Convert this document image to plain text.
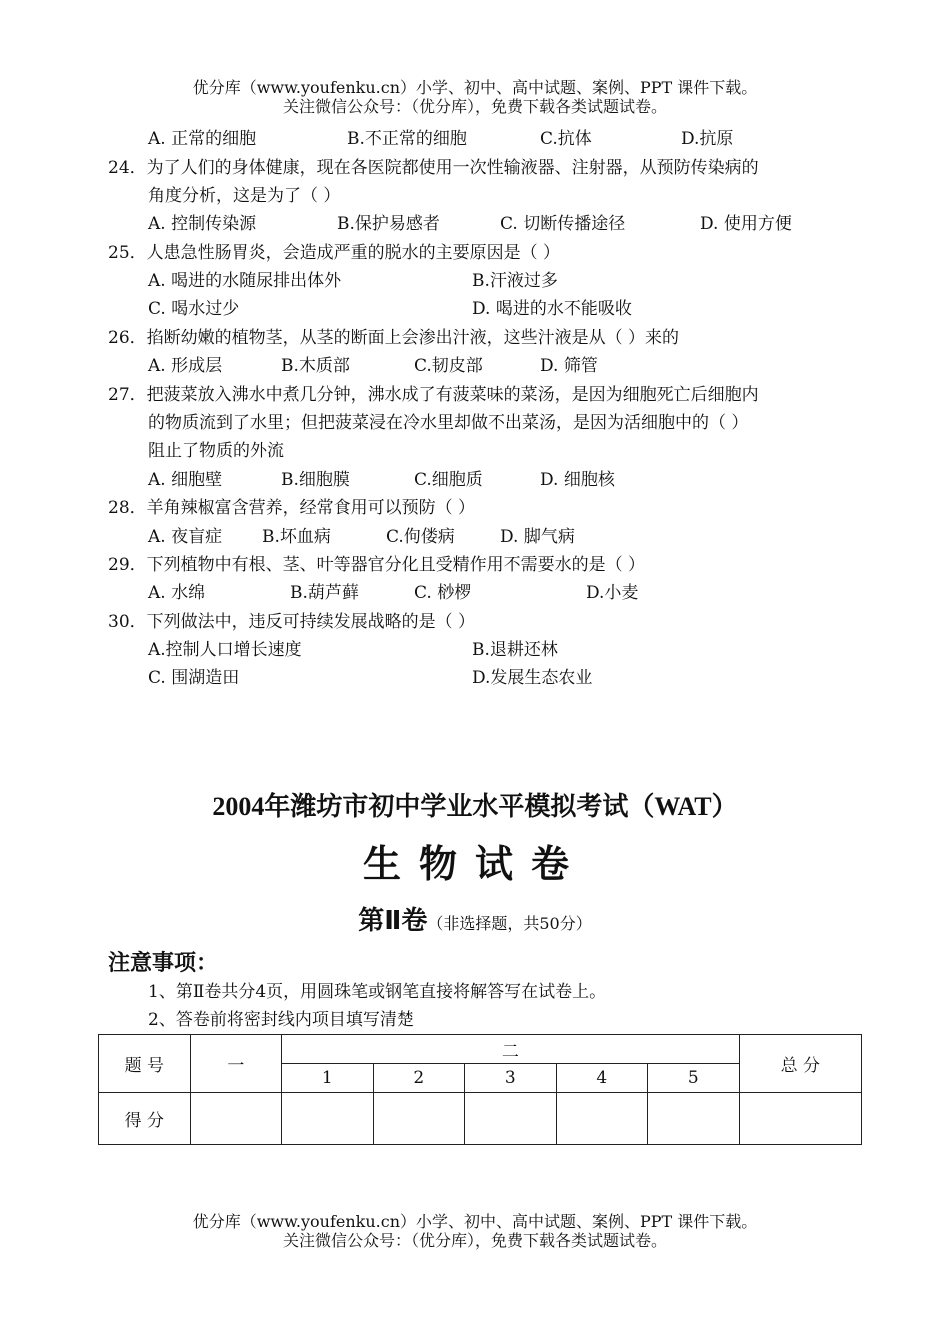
优分库（www.youfenku.cn）小学、初中、高中试题、案例、PPT 课件下载。
关注微信公众号：（优分库），免费下载各类试题试卷。
A. 正常的细胞	B.不正常的细胞	C.抗体	D.抗原
24．为了人们的身体健康，现在各医院都使用一次性输液器、注射器，从预防传染病的
角度分析，这是为了（ ）
A. 控制传染源	B.保护易感者	C. 切断传播途径	D. 使用方便
25．人患急性肠胃炎，会造成严重的脱水的主要原因是（ ）
A. 喝进的水随尿排出体外	B.汗液过多
C. 喝水过少	D. 喝进的水不能吸收
26．掐断幼嫩的植物茎，从茎的断面上会渗出汁液，这些汁液是从（ ）来的
A. 形成层	B.木质部	C.韧皮部	D. 筛管
27．把菠菜放入沸水中煮几分钟，沸水成了有菠菜味的菜汤，是因为细胞死亡后细胞内
的物质流到了水里；但把菠菜浸在冷水里却做不出菜汤，是因为活细胞中的（ ）
阻止了物质的外流
A. 细胞壁	B.细胞膜	C.细胞质	D. 细胞核
28．羊角辣椒富含营养，经常食用可以预防（ ）
A. 夜盲症 B.坏血病	C.佝偻病	D. 脚气病
29．下列植物中有根、茎、叶等器官分化且受精作用不需要水的是（ ）
A. 水绵	B.葫芦藓	C. 桫椤	D.小麦
30．下列做法中，违反可持续发展战略的是（ ）
A.控制人口增长速度	B.退耕还林
C. 围湖造田	D.发展生态农业
2004年潍坊市初中学业水平模拟考试（WAT）
生物试卷
第Ⅱ卷（非选择题，共50分）
注意事项：
1、第Ⅱ卷共分4页，用圆珠笔或钢笔直接将解答写在试卷上。
2、答卷前将密封线内项目填写清楚
题 号	一	二					总 分
		1	2	3	4	5	
得 分							
优分库（www.youfenku.cn）小学、初中、高中试题、案例、PPT 课件下载。
关注微信公众号：（优分库），免费下载各类试题试卷。
